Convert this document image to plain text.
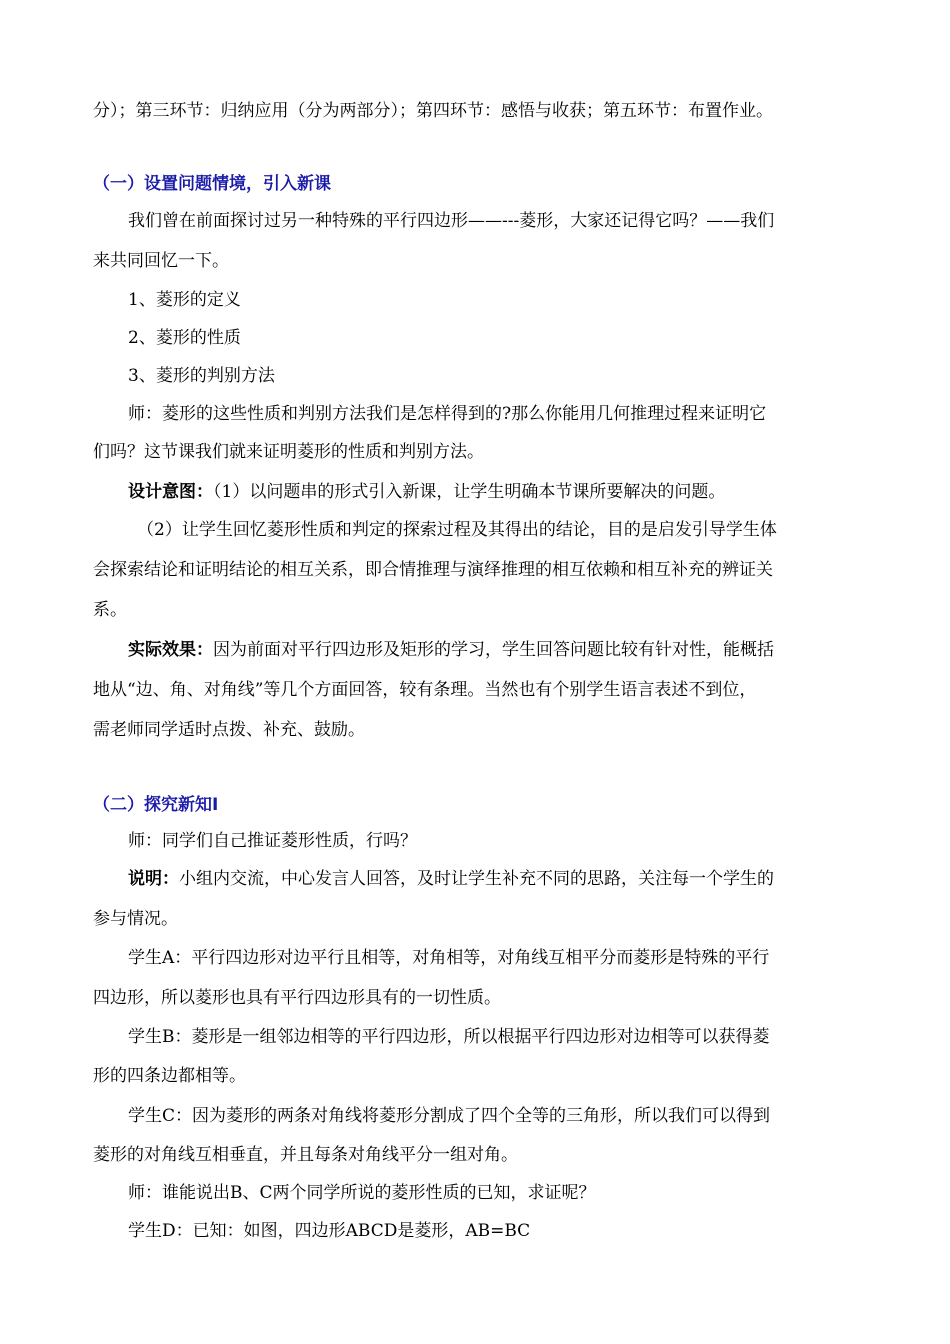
分）；第三环节：归纳应用（分为两部分）；第四环节：感悟与收获；第五环节：布置作业。
（一）设置问题情境，引入新课
我们曾在前面探讨过另一种特殊的平行四边形——---菱形，大家还记得它吗？——我们
来共同回忆一下。
1、菱形的定义
2、菱形的性质
3、菱形的判别方法
师：菱形的这些性质和判别方法我们是怎样得到的?那么你能用几何推理过程来证明它
们吗？这节课我们就来证明菱形的性质和判别方法。
设计意图：（1）以问题串的形式引入新课，让学生明确本节课所要解决的问题。
（2）让学生回忆菱形性质和判定的探索过程及其得出的结论，目的是启发引导学生体
会探索结论和证明结论的相互关系，即合情推理与演绎推理的相互依赖和相互补充的辨证关
系。
实际效果：因为前面对平行四边形及矩形的学习，学生回答问题比较有针对性，能概括
地从“边、角、对角线”等几个方面回答，较有条理。当然也有个别学生语言表述不到位，
需老师同学适时点拨、补充、鼓励。
（二）探究新知Ⅰ
师：同学们自己推证菱形性质，行吗？
说明：小组内交流，中心发言人回答，及时让学生补充不同的思路，关注每一个学生的
参与情况。
学生A：平行四边形对边平行且相等，对角相等，对角线互相平分而菱形是特殊的平行
四边形，所以菱形也具有平行四边形具有的一切性质。
学生B：菱形是一组邻边相等的平行四边形，所以根据平行四边形对边相等可以获得菱
形的四条边都相等。
学生C：因为菱形的两条对角线将菱形分割成了四个全等的三角形，所以我们可以得到
菱形的对角线互相垂直，并且每条对角线平分一组对角。
师：谁能说出B、C两个同学所说的菱形性质的已知，求证呢？
学生D：已知：如图，四边形ABCD是菱形，AB=BC
